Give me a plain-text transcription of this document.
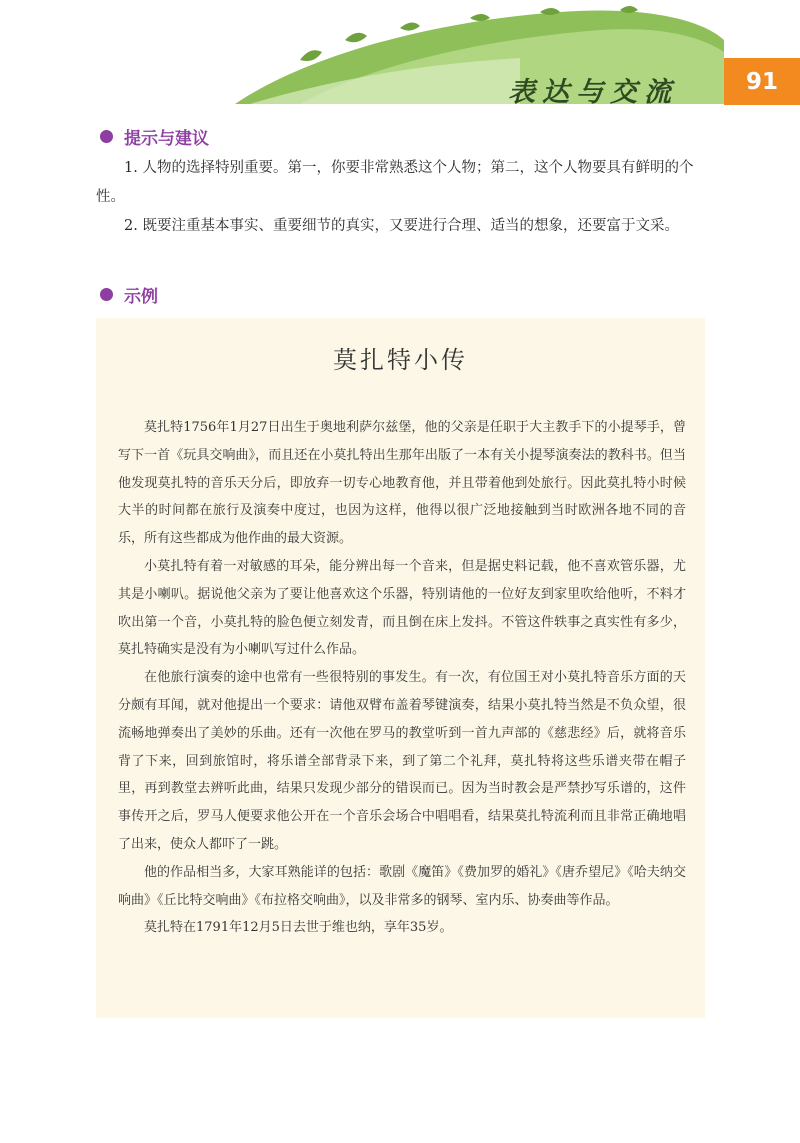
表达与交流	91
提示与建议

1. 人物的选择特别重要。第一，你要非常熟悉这个人物；第二，这个人物要具有鲜明的个性。

2. 既要注重基本事实、重要细节的真实，又要进行合理、适当的想象，还要富于文采。

示例
莫扎特小传

莫扎特1756年1月27日出生于奥地利萨尔兹堡，他的父亲是任职于大主教手下的小提琴手，曾写下一首《玩具交响曲》，而且还在小莫扎特出生那年出版了一本有关小提琴演奏法的教科书。但当他发现莫扎特的音乐天分后，即放弃一切专心地教育他，并且带着他到处旅行。因此莫扎特小时候大半的时间都在旅行及演奏中度过，也因为这样，他得以很广泛地接触到当时欧洲各地不同的音乐，所有这些都成为他作曲的最大资源。

小莫扎特有着一对敏感的耳朵，能分辨出每一个音来，但是据史料记载，他不喜欢管乐器，尤其是小喇叭。据说他父亲为了要让他喜欢这个乐器，特别请他的一位好友到家里吹给他听，不料才吹出第一个音，小莫扎特的脸色便立刻发青，而且倒在床上发抖。不管这件轶事之真实性有多少，莫扎特确实是没有为小喇叭写过什么作品。

在他旅行演奏的途中也常有一些很特别的事发生。有一次，有位国王对小莫扎特音乐方面的天分颇有耳闻，就对他提出一个要求：请他双臂布盖着琴键演奏，结果小莫扎特当然是不负众望，很流畅地弹奏出了美妙的乐曲。还有一次他在罗马的教堂听到一首九声部的《慈悲经》后，就将音乐背了下来，回到旅馆时，将乐谱全部背录下来，到了第二个礼拜，莫扎特将这些乐谱夹带在帽子里，再到教堂去辨听此曲，结果只发现少部分的错误而已。因为当时教会是严禁抄写乐谱的，这件事传开之后，罗马人便要求他公开在一个音乐会场合中唱唱看，结果莫扎特流利而且非常正确地唱了出来，使众人都吓了一跳。

他的作品相当多，大家耳熟能详的包括：歌剧《魔笛》《费加罗的婚礼》《唐乔望尼》《哈夫纳交响曲》《丘比特交响曲》《布拉格交响曲》，以及非常多的钢琴、室内乐、协奏曲等作品。

莫扎特在1791年12月5日去世于维也纳，享年35岁。
